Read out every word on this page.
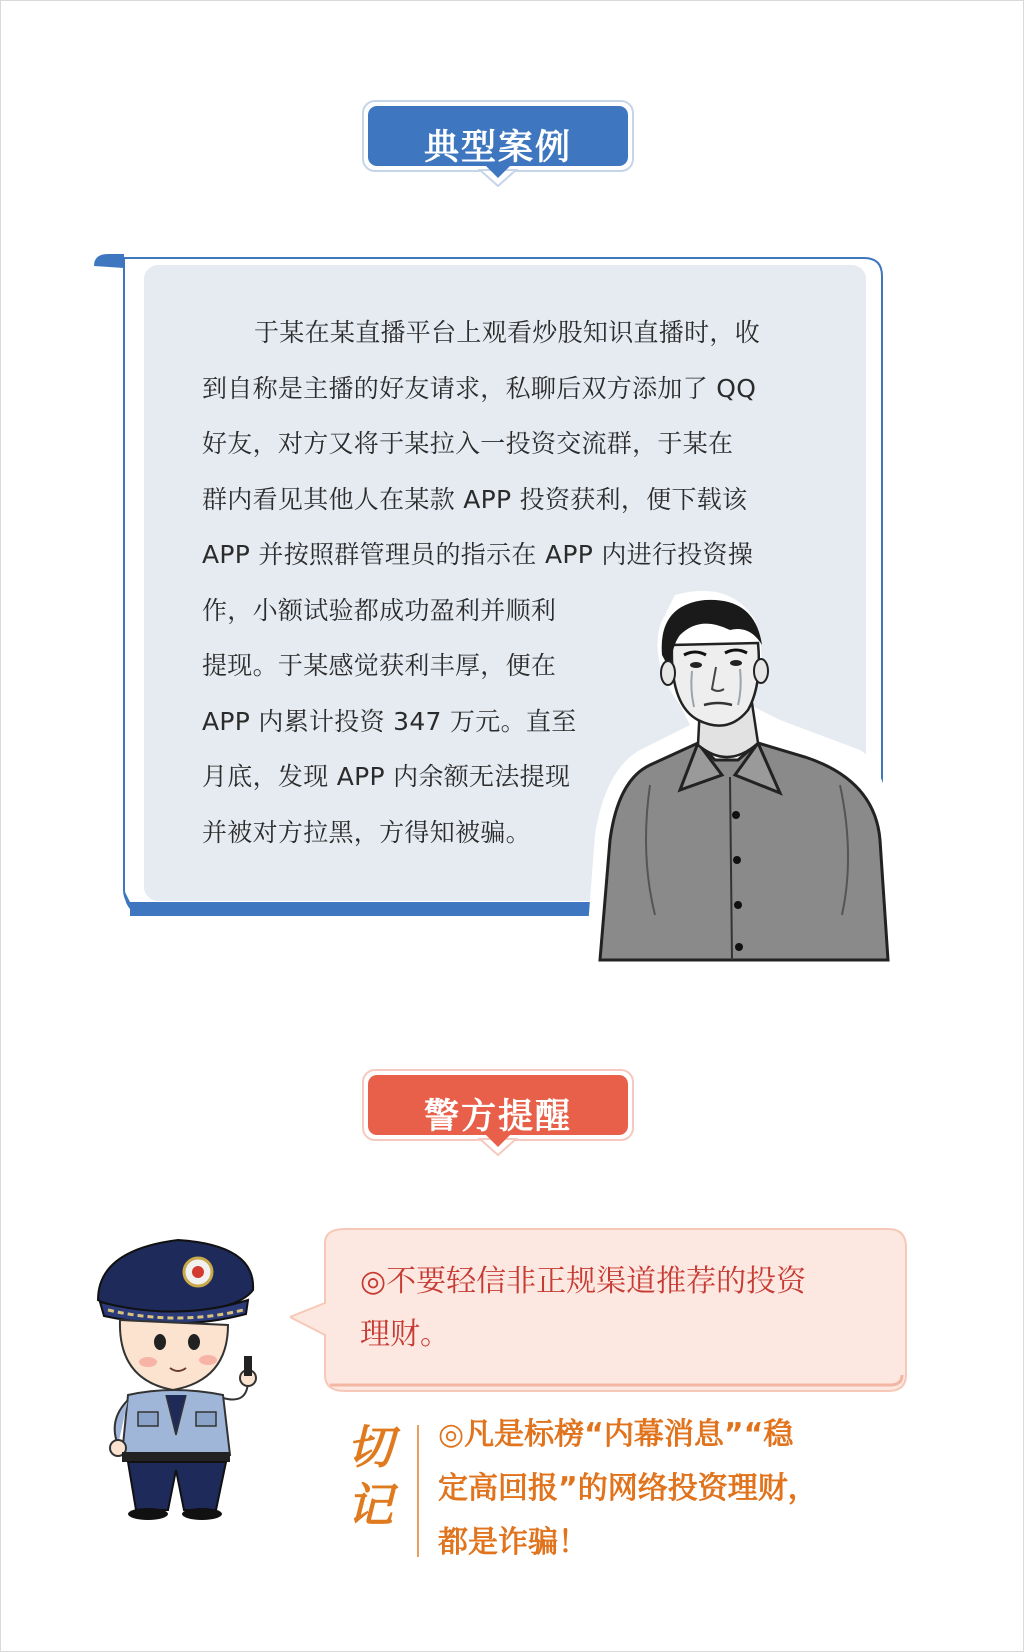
典型案例
于某在某直播平台上观看炒股知识直播时，收
到自称是主播的好友请求，私聊后双方添加了 QQ
好友，对方又将于某拉入一投资交流群，于某在
群内看见其他人在某款 APP 投资获利，便下载该
APP 并按照群管理员的指示在 APP 内进行投资操
作，小额试验都成功盈利并顺利
提现。于某感觉获利丰厚，便在
APP 内累计投资 347 万元。直至
月底，发现 APP 内余额无法提现
并被对方拉黑，方得知被骗。
警方提醒
◎不要轻信非正规渠道推荐的投资
理财。
切
记
◎凡是标榜“内幕消息”“稳
定高回报”的网络投资理财，
都是诈骗！
